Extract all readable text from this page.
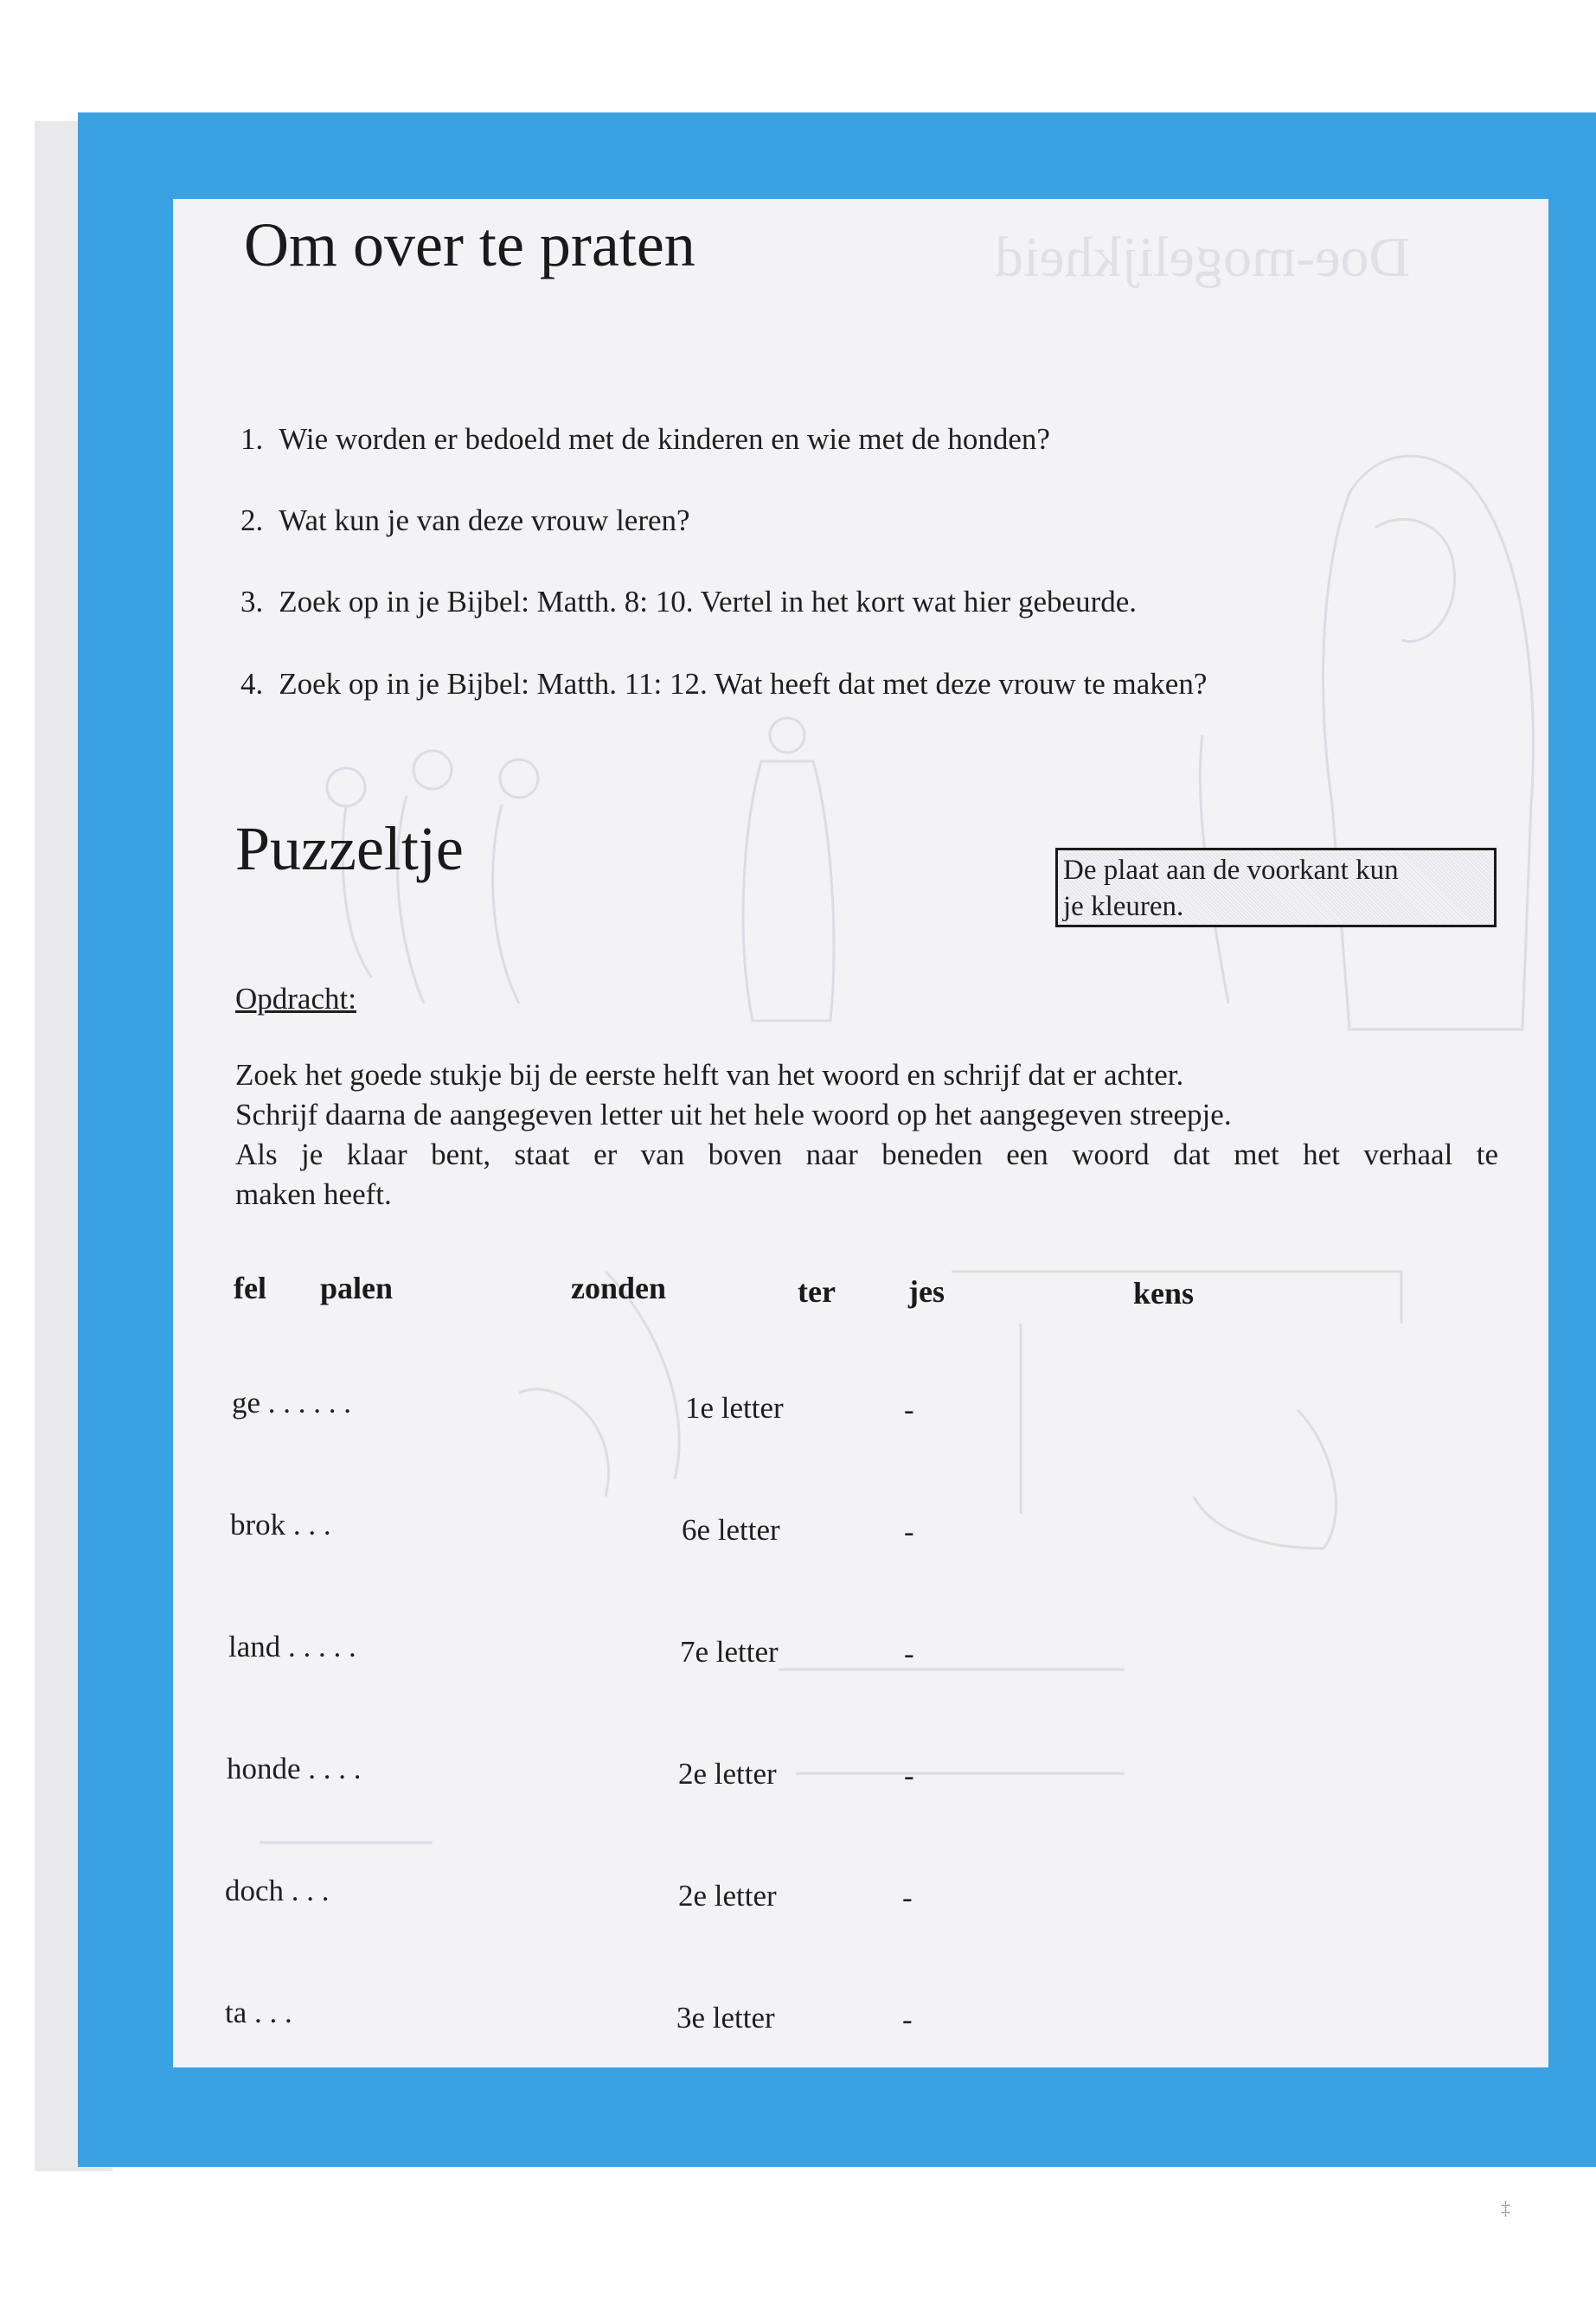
Doe-mogelijkheid
Om over te praten
1. Wie worden er bedoeld met de kinderen en wie met de honden?
2. Wat kun je van deze vrouw leren?
3. Zoek op in je Bijbel: Matth. 8: 10. Vertel in het kort wat hier gebeurde.
4. Zoek op in je Bijbel: Matth. 11: 12. Wat heeft dat met deze vrouw te maken?
Puzzeltje	De plaat aan de voorkant kun
je kleuren.
Opdracht:
Zoek het goede stukje bij de eerste helft van het woord en schrijf dat er achter.
Schrijf daarna de aangegeven letter uit het hele woord op het aangegeven streepje.
Als je klaar bent, staat er van boven naar beneden een woord dat met het verhaal te
maken heeft.
fel palen	zonden	ter jes	kens
ge . . . . . .	1e letter	-
brok . . .	6e letter	-
land . . . . .	7e letter	-
honde . . . .	2e letter	-
doch . . .	2e letter	-
ta . . .	3e letter	-
‡
